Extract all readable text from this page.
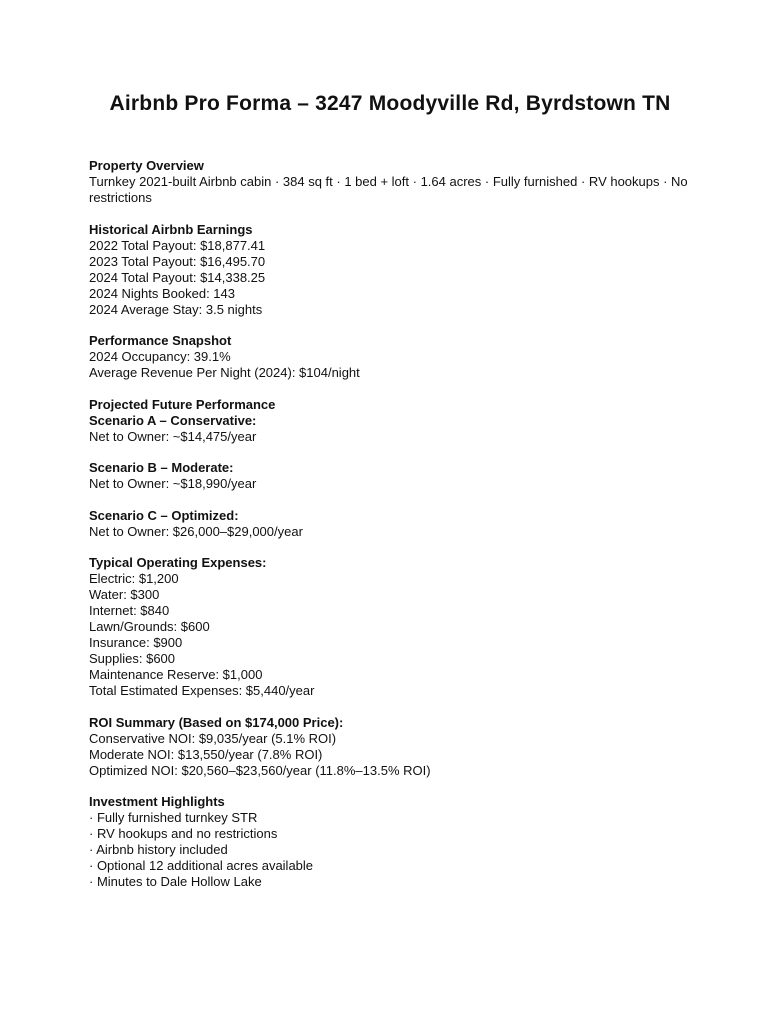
Airbnb Pro Forma – 3247 Moodyville Rd, Byrdstown TN
Property Overview
Turnkey 2021-built Airbnb cabin · 384 sq ft · 1 bed + loft · 1.64 acres · Fully furnished · RV hookups · No restrictions
Historical Airbnb Earnings
2022 Total Payout: $18,877.41
2023 Total Payout: $16,495.70
2024 Total Payout: $14,338.25
2024 Nights Booked: 143
2024 Average Stay: 3.5 nights
Performance Snapshot
2024 Occupancy: 39.1%
Average Revenue Per Night (2024): $104/night
Projected Future Performance
Scenario A – Conservative:
Net to Owner: ~$14,475/year
Scenario B – Moderate:
Net to Owner: ~$18,990/year
Scenario C – Optimized:
Net to Owner: $26,000–$29,000/year
Typical Operating Expenses:
Electric: $1,200
Water: $300
Internet: $840
Lawn/Grounds: $600
Insurance: $900
Supplies: $600
Maintenance Reserve: $1,000
Total Estimated Expenses: $5,440/year
ROI Summary (Based on $174,000 Price):
Conservative NOI: $9,035/year (5.1% ROI)
Moderate NOI: $13,550/year (7.8% ROI)
Optimized NOI: $20,560–$23,560/year (11.8%–13.5% ROI)
Investment Highlights
· Fully furnished turnkey STR
· RV hookups and no restrictions
· Airbnb history included
· Optional 12 additional acres available
· Minutes to Dale Hollow Lake
